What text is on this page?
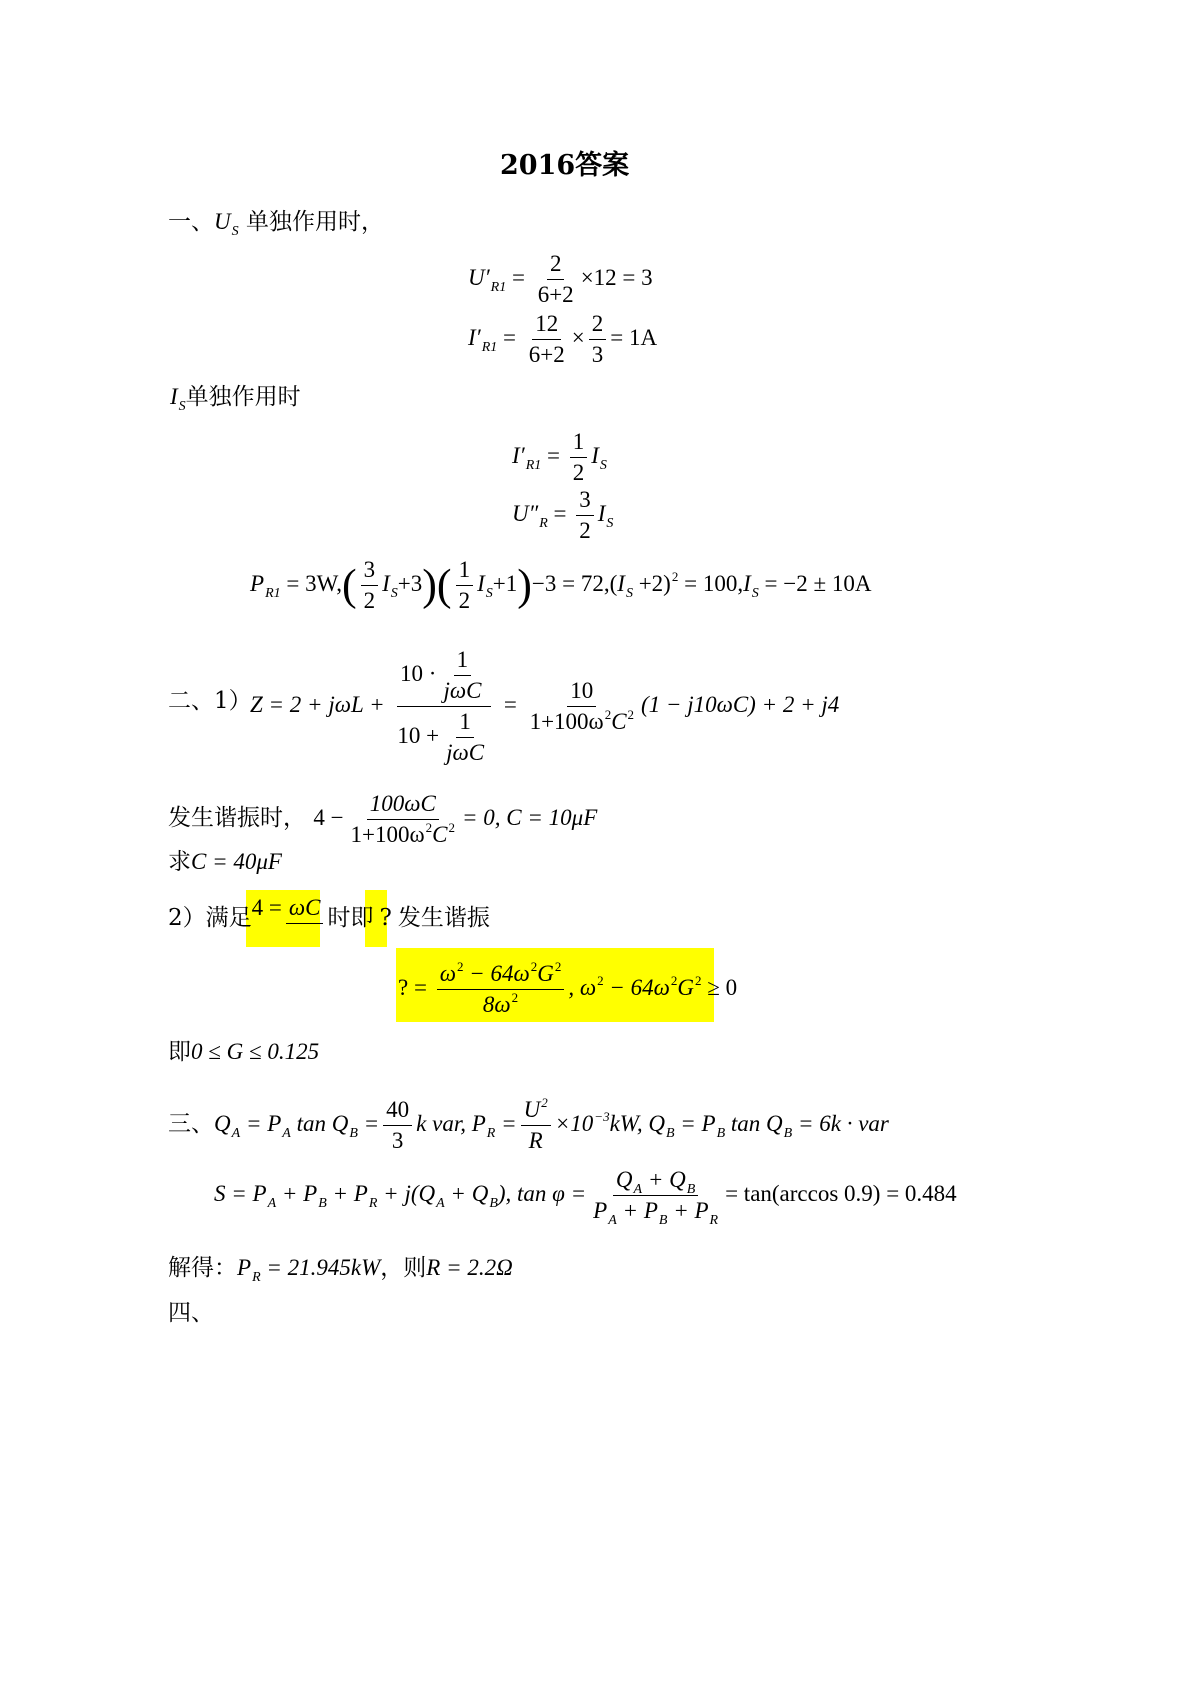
2016答案
一、$U_S$ 单独作用时，
$U'_{R1} = \frac{2}{6+2} \times 12 = 3$
$I'_{R1} = \frac{12}{6+2} \times \frac{2}{3} = 1A$
$I_S$单独作用时
$I'_{R1} = \frac{1}{2} I_S$
$U''_R = \frac{3}{2} I_S$
$P_{R1} = 3W,( \frac{3}{2} I_S+3)( \frac{1}{2} I_S+1)-3 = 72,(I_S +2)^2 = 100,I_S = -2 \pm 10A$
二、1）
$Z = 2 + j\omega L + \frac{10 \cdot \frac{1}{\text{jωC}}}{10 + \frac{1}{\text{jωC}}} = \frac{10}{1+100\omega^2C^2} (1 - j10\omega C) + 2 + j4$
发生谐振时， $4 - \frac{100\omega C}{1+100\omega^2C^2} = 0$, C = 10μF
求C = 40μF
2）满足4 = ωC
时即 ? 发生谐振
? = $\frac{\omega^2 - 64\omega^2G^2}{8\omega^2}$ , $\omega^2 - 64\omega^2G^2 \ge 0$
即0 ≤ G ≤ 0.125
三、$Q_A = P_A$ $\tan Q_B = \frac{40}{3}$ k var, $P_R = \frac{U^2}{R} \times 10^{-3}kW$, $Q_B = P_B$ $\tan Q_B = 6k$ · var
$S = P_A + P_B + P_R + j(Q_A + Q_B)$, $\tan \varphi = \frac{Q_A + Q_B}{P_A + P_B + P_R} = \tan(\arccos$ 0.9) = 0.484
解得：$P_R = 21.945kW$，则R = 2.2Ω
四、
